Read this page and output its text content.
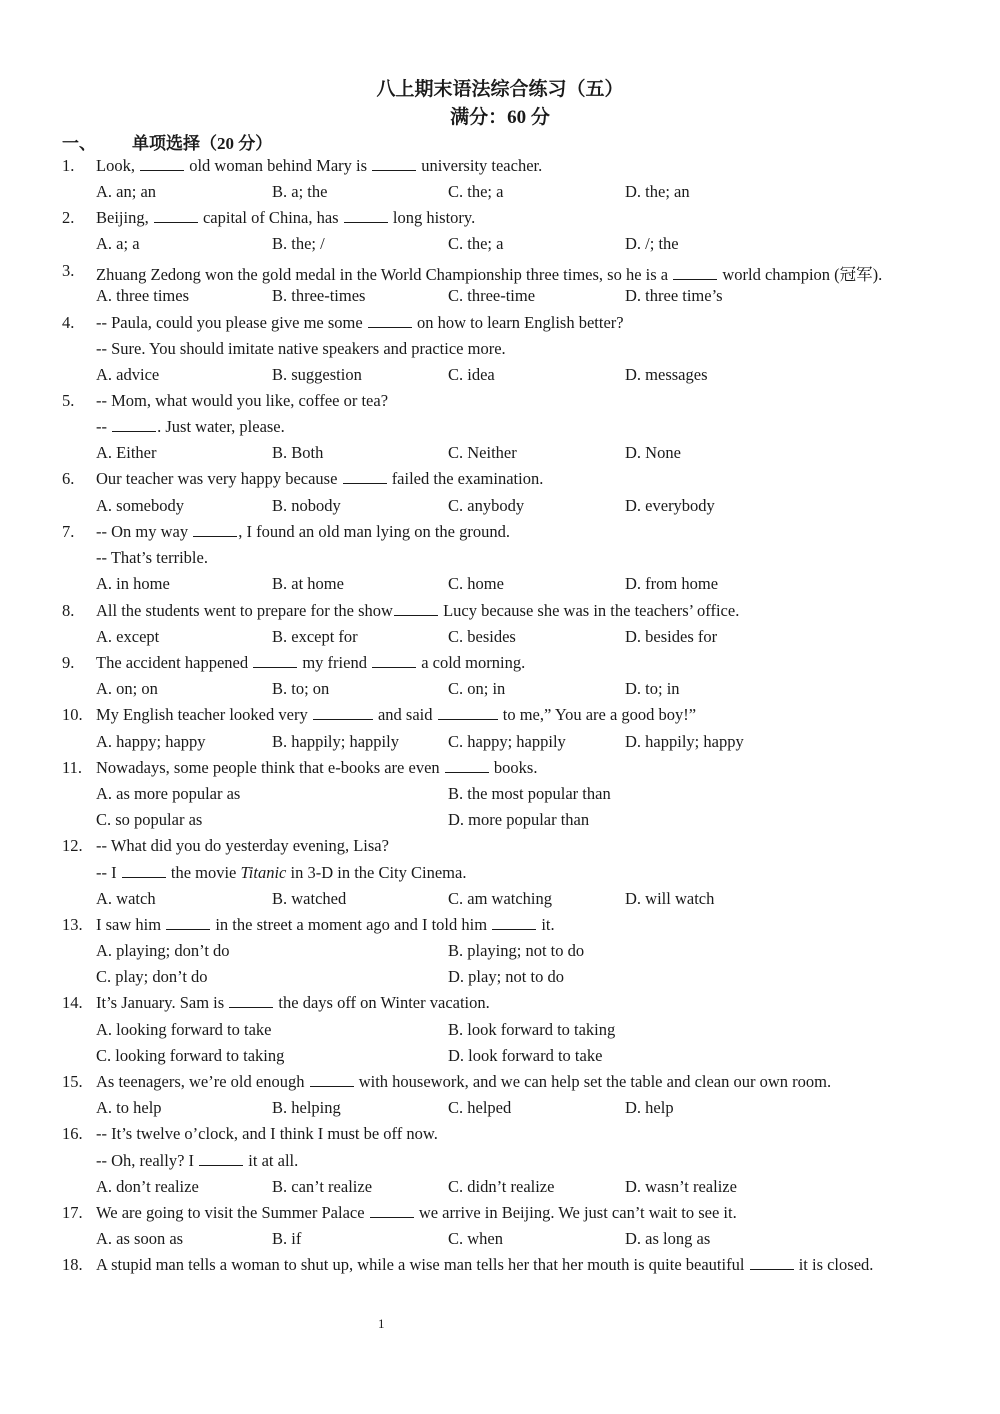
八上期末语法综合练习（五）
满分：60 分
一、 单项选择（20 分）
1.	Look,	old woman behind Mary is	university teacher.
A. an; an	B. a; the	C. the; a	D. the; an
2.	Beijing,	capital of China, has	long history.
A. a; a	B. the; /	C. the; a	D. /; the
3.	Zhuang Zedong won the gold medal in the World Championship three times, so he is a	world champion (冠军).
A. three times	B. three-times	C. three-time	D. three time’s
4.	-- Paula, could you please give me some	on how to learn English better?
-- Sure. You should imitate native speakers and practice more.
A. advice	B. suggestion	C. idea	D. messages
5.	-- Mom, what would you like, coffee or tea?
--	. Just water, please.
A. Either	B. Both	C. Neither	D. None
6.	Our teacher was very happy because	failed the examination.
A. somebody	B. nobody	C. anybody	D. everybody
7.	-- On my way	, I found an old man lying on the ground.
-- That’s terrible.
A. in home	B. at home	C. home	D. from home
8.	All the students went to prepare for the show	Lucy because she was in the teachers’ office.
A. except	B. except for	C. besides	D. besides for
9.	The accident happened	my friend	a cold morning.
A. on; on	B. to; on	C. on; in	D. to; in
10. My English teacher looked very	and said	to me,” You are a good boy!”
A. happy; happy	B. happily; happily	C. happy; happily	D. happily; happy
11. Nowadays, some people think that e-books are even	books.
A. as more popular as	B. the most popular than
C. so popular as	D. more popular than
12. -- What did you do yesterday evening, Lisa?
-- I	the movie Titanic in 3-D in the City Cinema.
A. watch	B. watched	C. am watching	D. will watch
13. I saw him	in the street a moment ago and I told him	it.
A. playing; don’t do	B. playing; not to do
C. play; don’t do	D. play; not to do
14. It’s January. Sam is	the days off on Winter vacation.
A. looking forward to take	B. look forward to taking
C. looking forward to taking	D. look forward to take
15. As teenagers, we’re old enough	with housework, and we can help set the table and clean our own room.
A. to help	B. helping	C. helped	D. help
16. -- It’s twelve o’clock, and I think I must be off now.
-- Oh, really? I	it at all.
A. don’t realize	B. can’t realize	C. didn’t realize	D. wasn’t realize
17. We are going to visit the Summer Palace	we arrive in Beijing. We just can’t wait to see it.
A. as soon as	B. if	C. when	D. as long as
18. A stupid man tells a woman to shut up, while a wise man tells her that her mouth is quite beautiful	it is closed.
1
